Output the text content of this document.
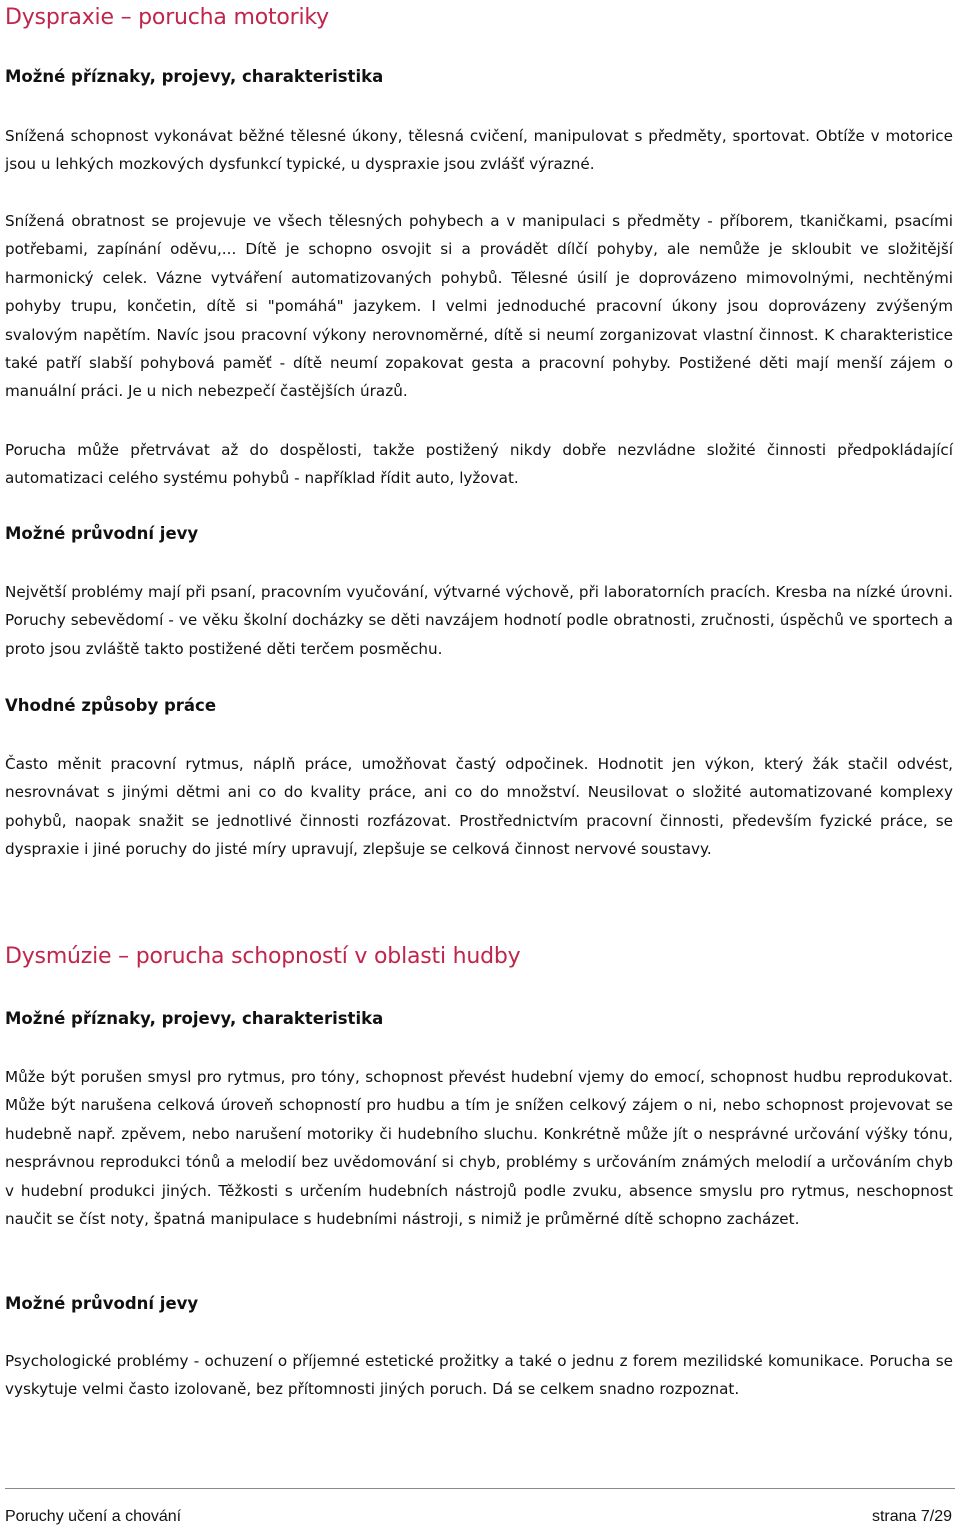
Dyspraxie – porucha motoriky
Možné příznaky, projevy, charakteristika

Snížená schopnost vykonávat běžné tělesné úkony, tělesná cvičení, manipulovat s předměty, sportovat. Obtíže v motorice jsou u lehkých mozkových dysfunkcí typické, u dyspraxie jsou zvlášť výrazné.

Snížená obratnost se projevuje ve všech tělesných pohybech a v manipulaci s předměty - příborem, tkaničkami, psacími potřebami, zapínání oděvu,... Dítě je schopno osvojit si a provádět dílčí pohyby, ale nemůže je skloubit ve složitější harmonický celek. Vázne vytváření automatizovaných pohybů. Tělesné úsilí je doprovázeno mimovolnými, nechtěnými pohyby trupu, končetin, dítě si "pomáhá" jazykem. I velmi jednoduché pracovní úkony jsou doprovázeny zvýšeným svalovým napětím. Navíc jsou pracovní výkony nerovnoměrné, dítě si neumí zorganizovat vlastní činnost. K charakteristice také patří slabší pohybová paměť - dítě neumí zopakovat gesta a pracovní pohyby. Postižené děti mají menší zájem o manuální práci. Je u nich nebezpečí častějších úrazů.

Porucha může přetrvávat až do dospělosti, takže postižený nikdy dobře nezvládne složité činnosti předpokládající automatizaci celého systému pohybů - například řídit auto, lyžovat.

Možné průvodní jevy

Největší problémy mají při psaní, pracovním vyučování, výtvarné výchově, při laboratorních pracích. Kresba na nízké úrovni. Poruchy sebevědomí - ve věku školní docházky se děti navzájem hodnotí podle obratnosti, zručnosti, úspěchů ve sportech a proto jsou zvláště takto postižené děti terčem posměchu.

Vhodné způsoby práce

Často měnit pracovní rytmus, náplň práce, umožňovat častý odpočinek. Hodnotit jen výkon, který žák stačil odvést, nesrovnávat s jinými dětmi ani co do kvality práce, ani co do množství. Neusilovat o složité automatizované komplexy pohybů, naopak snažit se jednotlivé činnosti rozfázovat. Prostřednictvím pracovní činnosti, především fyzické práce, se dyspraxie i jiné poruchy do jisté míry upravují, zlepšuje se celková činnost nervové soustavy.

Dysmúzie – porucha schopností v oblasti hudby
Možné příznaky, projevy, charakteristika

Může být porušen smysl pro rytmus, pro tóny, schopnost převést hudební vjemy do emocí, schopnost hudbu reprodukovat. Může být narušena celková úroveň schopností pro hudbu a tím je snížen celkový zájem o ni, nebo schopnost projevovat se hudebně např. zpěvem, nebo narušení motoriky či hudebního sluchu. Konkrétně může jít o nesprávné určování výšky tónu, nesprávnou reprodukci tónů a melodií bez uvědomování si chyb, problémy s určováním známých melodií a určováním chyb v hudební produkci jiných. Těžkosti s určením hudebních nástrojů podle zvuku, absence smyslu pro rytmus, neschopnost naučit se číst noty, špatná manipulace s hudebními nástroji, s nimiž je průměrné dítě schopno zacházet.

Možné průvodní jevy

Psychologické problémy - ochuzení o příjemné estetické prožitky a také o jednu z forem mezilidské komunikace. Porucha se vyskytuje velmi často izolovaně, bez přítomnosti jiných poruch. Dá se celkem snadno rozpoznat.

Poruchy učení a chování	strana 7/29
